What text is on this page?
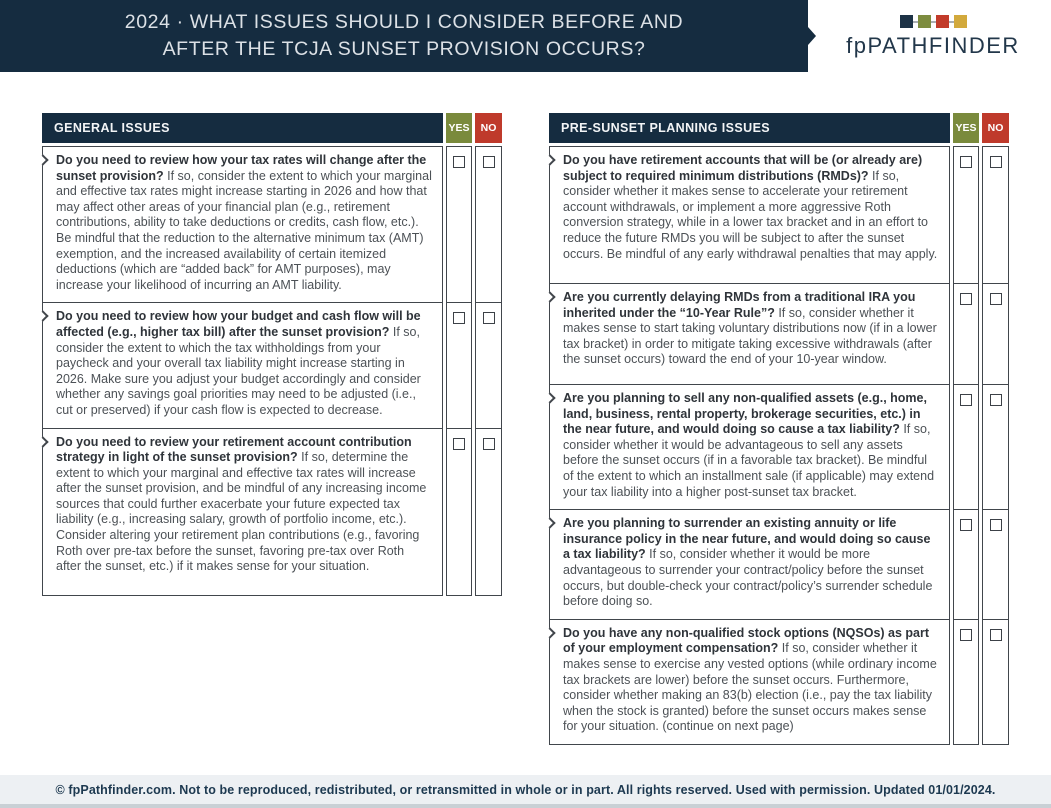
2024 · WHAT ISSUES SHOULD I CONSIDER BEFORE AND
AFTER THE TCJA SUNSET PROVISION OCCURS?	fpPATHFINDER
GENERAL ISSUES	YES	NO

Do you need to review how your tax rates will change after the sunset provision? If so, consider the extent to which your marginal and effective tax rates might increase starting in 2026 and how that may affect other areas of your financial plan (e.g., retirement contributions, ability to take deductions or credits, cash flow, etc.). Be mindful that the reduction to the alternative minimum tax (AMT) exemption, and the increased availability of certain itemized deductions (which are “added back” for AMT purposes), may increase your likelihood of incurring an AMT liability.

Do you need to review how your budget and cash flow will be affected (e.g., higher tax bill) after the sunset provision? If so, consider the extent to which the tax withholdings from your paycheck and your overall tax liability might increase starting in 2026. Make sure you adjust your budget accordingly and consider whether any savings goal priorities may need to be adjusted (i.e., cut or preserved) if your cash flow is expected to decrease.

Do you need to review your retirement account contribution strategy in light of the sunset provision? If so, determine the extent to which your marginal and effective tax rates will increase after the sunset provision, and be mindful of any increasing income sources that could further exacerbate your future expected tax liability (e.g., increasing salary, growth of portfolio income, etc.). Consider altering your retirement plan contributions (e.g., favoring Roth over pre-tax before the sunset, favoring pre-tax over Roth after the sunset, etc.) if it makes sense for your situation.

PRE-SUNSET PLANNING ISSUES	YES	NO

Do you have retirement accounts that will be (or already are) subject to required minimum distributions (RMDs)? If so, consider whether it makes sense to accelerate your retirement account withdrawals, or implement a more aggressive Roth conversion strategy, while in a lower tax bracket and in an effort to reduce the future RMDs you will be subject to after the sunset occurs. Be mindful of any early withdrawal penalties that may apply.

Are you currently delaying RMDs from a traditional IRA you inherited under the “10-Year Rule”? If so, consider whether it makes sense to start taking voluntary distributions now (if in a lower tax bracket) in order to mitigate taking excessive withdrawals (after the sunset occurs) toward the end of your 10-year window.

Are you planning to sell any non-qualified assets (e.g., home, land, business, rental property, brokerage securities, etc.) in the near future, and would doing so cause a tax liability? If so, consider whether it would be advantageous to sell any assets before the sunset occurs (if in a favorable tax bracket). Be mindful of the extent to which an installment sale (if applicable) may extend your tax liability into a higher post-sunset tax bracket.

Are you planning to surrender an existing annuity or life insurance policy in the near future, and would doing so cause a tax liability? If so, consider whether it would be more advantageous to surrender your contract/policy before the sunset occurs, but double-check your contract/policy’s surrender schedule before doing so.

Do you have any non-qualified stock options (NQSOs) as part of your employment compensation? If so, consider whether it makes sense to exercise any vested options (while ordinary income tax brackets are lower) before the sunset occurs. Furthermore, consider whether making an 83(b) election (i.e., pay the tax liability when the stock is granted) before the sunset occurs makes sense for your situation. (continue on next page)

© fpPathfinder.com. Not to be reproduced, redistributed, or retransmitted in whole or in part. All rights reserved. Used with permission. Updated 01/01/2024.
